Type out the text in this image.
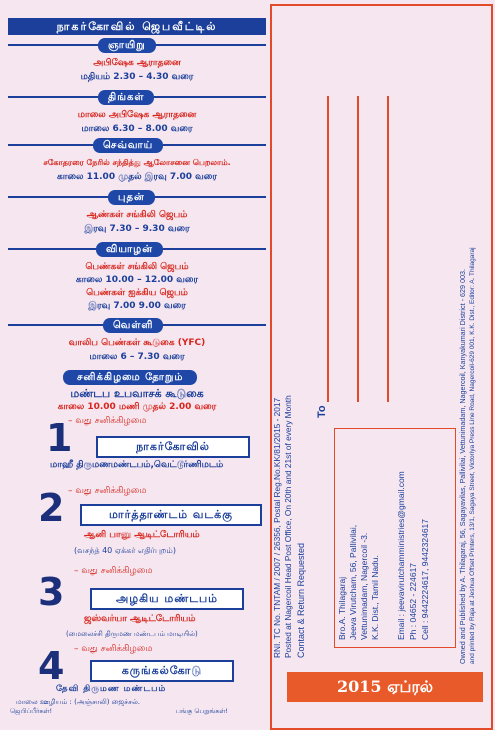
நாகர்கோவில் ஜெபவீட்டில்
ஞாயிறு
அபிஷேக ஆராதனை
மதியம் 2.30 – 4.30 வரை
திங்கள்
மாலை அபிஷேக ஆராதனை
மாலை 6.30 – 8.00 வரை
செவ்வாய்
சகோதரரை நேரில் சந்தித்து ஆலோசனை பெறலாம்.
காலை 11.00 முதல் இரவு 7.00 வரை
புதன்
ஆண்கள் சங்கிலி ஜெபம்
இரவு 7.30 – 9.30 வரை
வியாழன்
பெண்கள் சங்கிலி ஜெபம்
காலை 10.00 – 12.00 வரை
பெண்கள் ஐக்கிய ஜெபம்
இரவு 7.00 9.00 வரை
வெள்ளி
வாலிப பெண்கள் கூடுகை (YFC)
மாலை 6 – 7.30 வரை
சனிக்கிழமை தோறும்
மண்டப உபவாசக் கூடுகை
காலை 10.00 மணி முதல் 2.00 வரை
– வது சனிக்கிழமை
1	நாகர்கோவில்
மாஹீ திருமணமண்டபம்,வெட்டூர்ணிமடம்
– வது சனிக்கிழமை
2	மார்த்தாண்டம் வடக்கு
ஆனி பானு ஆடிட்டோரியம்
(வசந்த் 40 ஏக்கர் எதிர்புறம்)
– வது சனிக்கிழமை
3	அழகிய மண்டபம்
ஜஸ்வர்யா ஆடிட்டோரியம்
(மைலைச்சி திருமண மண்டபம் மாடியில்)
– வது சனிக்கிழமை
4	கருங்கல்கோடு
தேவி திருமண மண்டபம்
மாலை ஊழியம் : (அஞ்சாலி) ஜைச்சல்.
ஜெபிப்பீர்கள்!	பங்கு பெறுங்கள்!
RNI. TC No. TNTAM / 2007 / 26356, Postal Reg.No.KK/81/2015 - 2017 Posted at Nagercoil Head Post Office, On 20th and 21st of every Month Contact & Return Requested
To
Bro.A. Thilagaraj Jeeva Virutcham, 56, Pallivilai, Vettunimadam, Nagercoil -3. K.K. Dist., Tamil Nadu. Email : jeevavirutchamministries@gmail.com Ph : 04652 - 224617 Cell : 9442224617, 9442324617	Owned and Published by A. Thilagaraj, 56, Sagayavilas, Pallivilai, Vettunimadam, Nagercoil, Kanyakumari District - 629 003. and printed by Raja at Jeshua Offset Printers, 13/1, Sagaya Street, Victoriya Press Line Road, Nagercoil-629 001, K.K. Dist., Editor: A. Thilagaraj
2015 ஏப்ரல்
